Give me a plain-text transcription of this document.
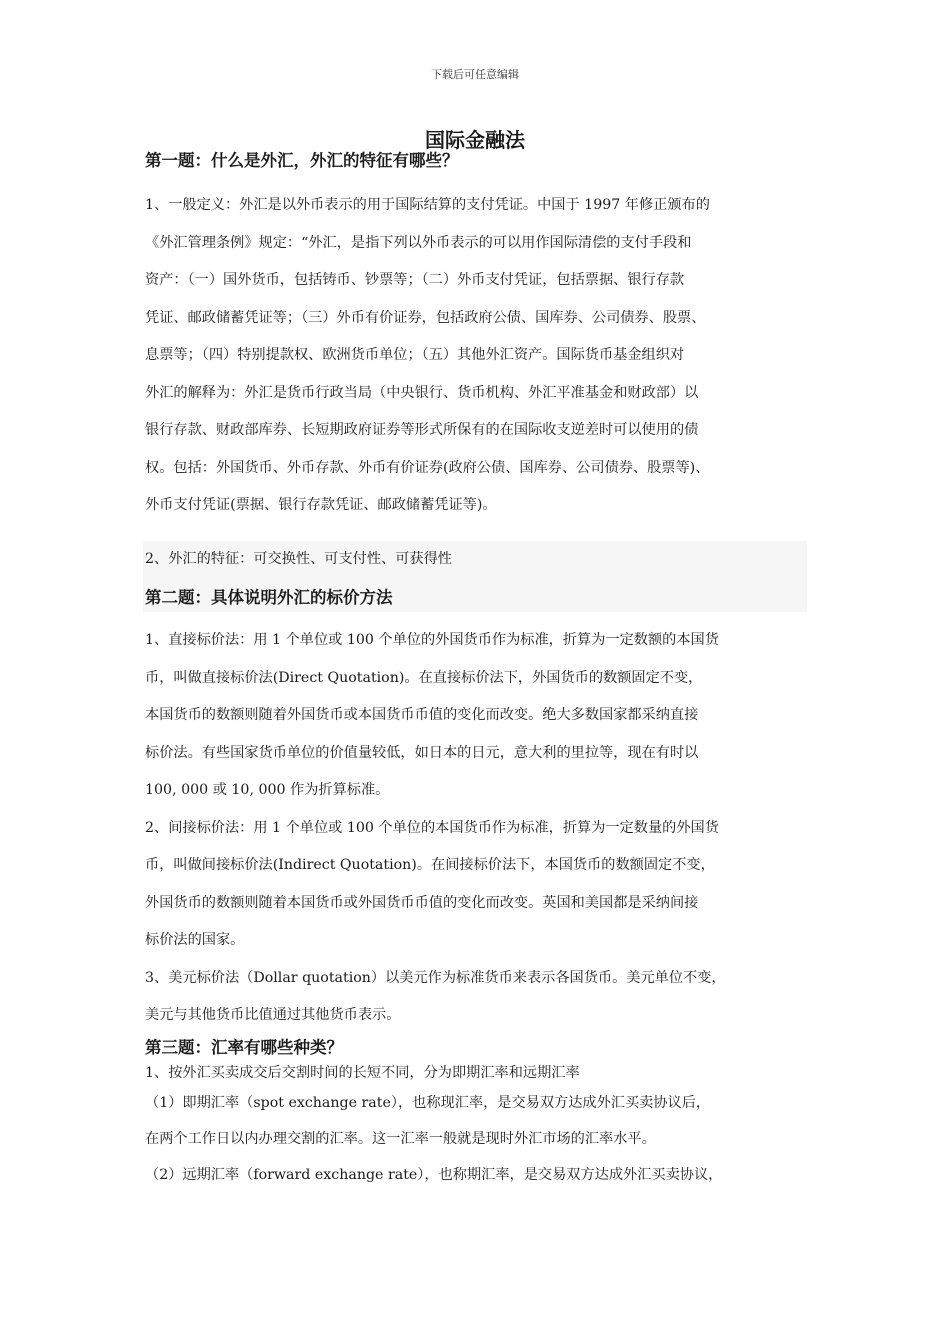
下载后可任意编辑
国际金融法
第一题：什么是外汇，外汇的特征有哪些？
1、一般定义：外汇是以外币表示的用于国际结算的支付凭证。中国于 1997 年修正颁布的
《外汇管理条例》规定：“外汇，是指下列以外币表示的可以用作国际清偿的支付手段和
资产：（一）国外货币，包括铸币、钞票等；（二）外币支付凭证，包括票据、银行存款
凭证、邮政储蓄凭证等；（三）外币有价证券，包括政府公债、国库券、公司债券、股票、
息票等；（四）特别提款权、欧洲货币单位；（五）其他外汇资产。国际货币基金组织对
外汇的解释为：外汇是货币行政当局（中央银行、货币机构、外汇平准基金和财政部）以
银行存款、财政部库券、长短期政府证券等形式所保有的在国际收支逆差时可以使用的债
权。包括：外国货币、外币存款、外币有价证券(政府公债、国库券、公司债券、股票等)、
外币支付凭证(票据、银行存款凭证、邮政储蓄凭证等)。
2、外汇的特征：可交换性、可支付性、可获得性
第二题：具体说明外汇的标价方法
1、直接标价法：用 1 个单位或 100 个单位的外国货币作为标准，折算为一定数额的本国货
币，叫做直接标价法(Direct Quotation)。在直接标价法下，外国货币的数额固定不变，
本国货币的数额则随着外国货币或本国货币币值的变化而改变。绝大多数国家都采纳直接
标价法。有些国家货币单位的价值量较低，如日本的日元，意大利的里拉等，现在有时以
100, 000 或 10, 000 作为折算标准。
2、间接标价法：用 1 个单位或 100 个单位的本国货币作为标准，折算为一定数量的外国货
币，叫做间接标价法(Indirect Quotation)。在间接标价法下，本国货币的数额固定不变，
外国货币的数额则随着本国货币或外国货币币值的变化而改变。英国和美国都是采纳间接
标价法的国家。
3、美元标价法（Dollar quotation）以美元作为标准货币来表示各国货币。美元单位不变，
美元与其他货币比值通过其他货币表示。
第三题：汇率有哪些种类？
1、按外汇买卖成交后交割时间的长短不同，分为即期汇率和远期汇率
（1）即期汇率（spot exchange rate），也称现汇率，是交易双方达成外汇买卖协议后，
在两个工作日以内办理交割的汇率。这一汇率一般就是现时外汇市场的汇率水平。
（2）远期汇率（forward exchange rate），也称期汇率，是交易双方达成外汇买卖协议，
